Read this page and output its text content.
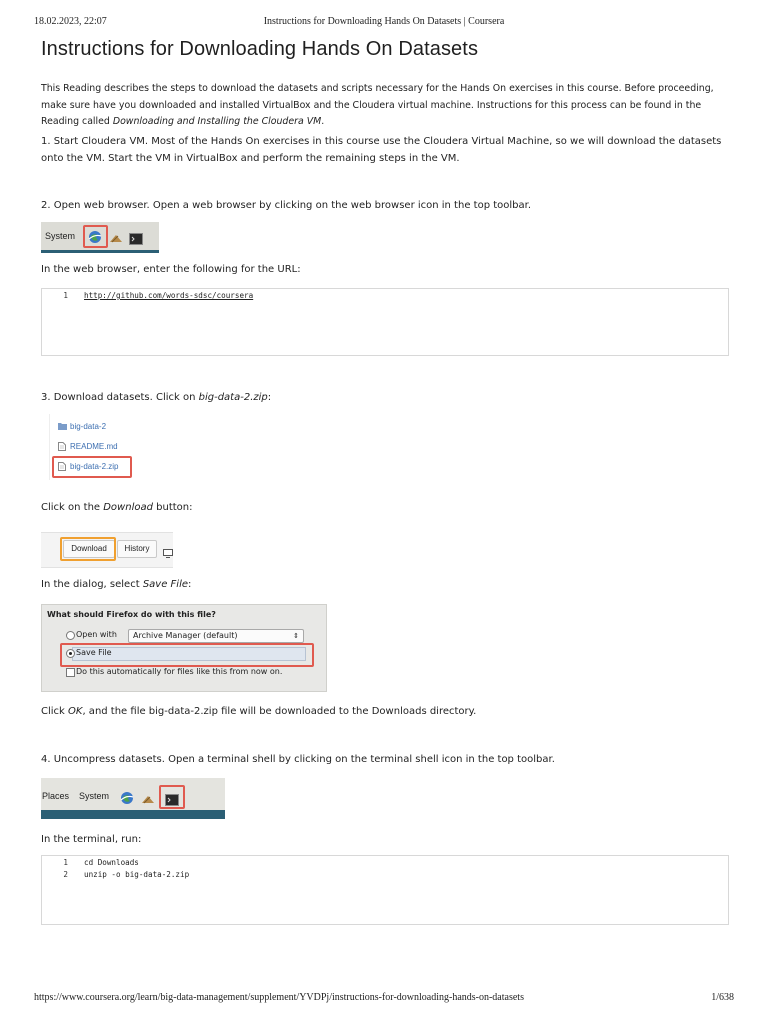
18.02.2023, 22:07	Instructions for Downloading Hands On Datasets | Coursera
Instructions for Downloading Hands On Datasets

This Reading describes the steps to download the datasets and scripts necessary for the Hands On exercises in this course. Before proceeding, make sure have you downloaded and installed VirtualBox and the Cloudera virtual machine. Instructions for this process can be found in the Reading called Downloading and Installing the Cloudera VM.

1. Start Cloudera VM. Most of the Hands On exercises in this course use the Cloudera Virtual Machine, so we will download the datasets onto the VM. Start the VM in VirtualBox and perform the remaining steps in the VM.

2. Open web browser. Open a web browser by clicking on the web browser icon in the top toolbar.

System

In the web browser, enter the following for the URL:

1 http://github.com/words-sdsc/coursera

3. Download datasets. Click on big-data-2.zip:

big-data-2
README.md
big-data-2.zip

Click on the Download button:

Download	History

In the dialog, select Save File:

What should Firefox do with this file?
Open with Archive Manager (default)	⇕
Save File
Do this automatically for files like this from now on.

Click OK, and the file big-data-2.zip file will be downloaded to the Downloads directory.

4. Uncompress datasets. Open a terminal shell by clicking on the terminal shell icon in the top toolbar.

Places System

In the terminal, run:

1 cd Downloads
2 unzip -o big-data-2.zip
https://www.coursera.org/learn/big-data-management/supplement/YVDPj/instructions-for-downloading-hands-on-datasets	1/638
